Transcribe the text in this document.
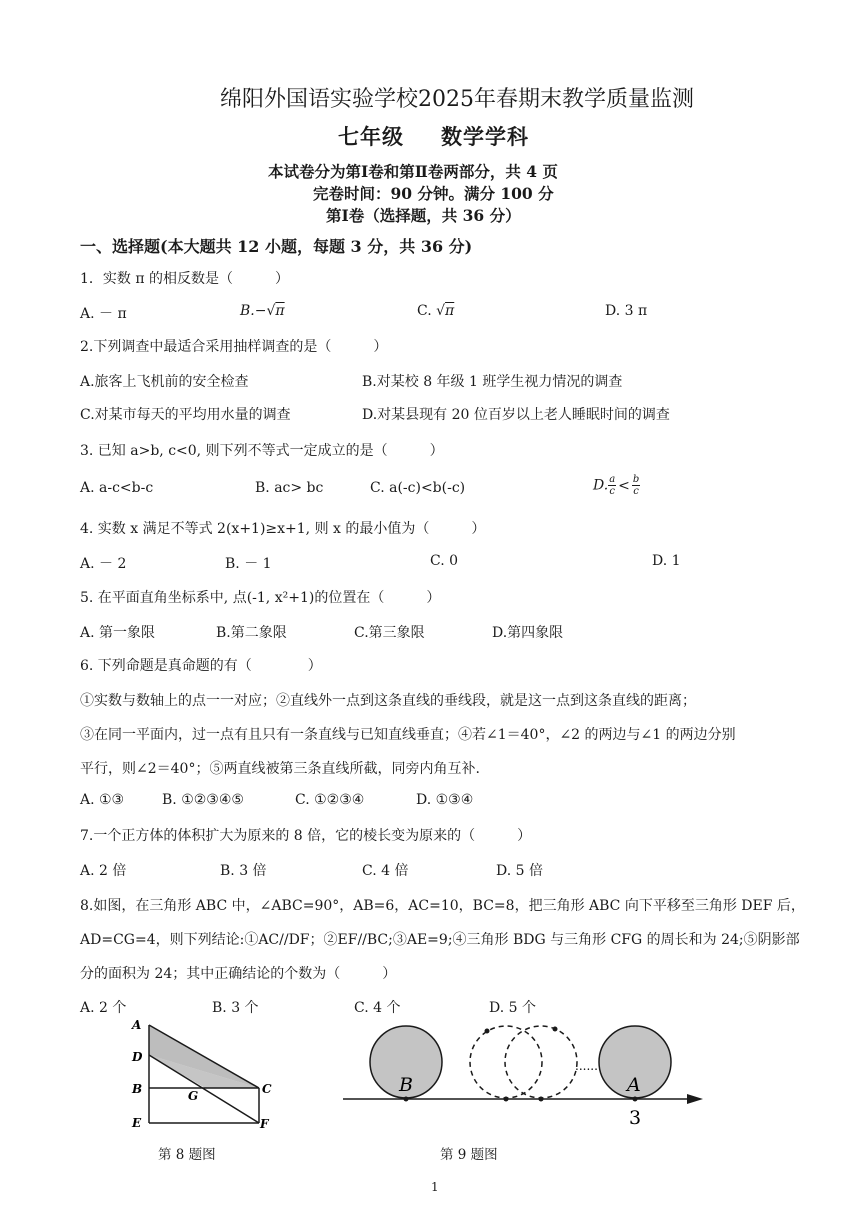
绵阳外国语实验学校2025年春期末教学质量监测
七年级 数学学科
本试卷分为第Ⅰ卷和第Ⅱ卷两部分，共 4 页
完卷时间：90 分钟。满分 100 分
第Ⅰ卷（选择题，共 36 分）
一、选择题(本大题共 12 小题，每题 3 分，共 36 分)
1．实数 π 的相反数是（　　　）
A. － π	B.−√π	C. √π	D. 3 π
2.下列调查中最适合采用抽样调查的是（　　　）
A.旅客上飞机前的安全检查	B.对某校 8 年级 1 班学生视力情况的调查
C.对某市每天的平均用水量的调查	D.对某县现有 20 位百岁以上老人睡眠时间的调查
3. 已知 a>b, c<0, 则下列不等式一定成立的是（　　　）
A. a-c<b-c	B. ac> bc	C. a(-c)<b(-c)	D. $\frac{a}{c} < \frac{b}{c}$
4. 实数 x 满足不等式 2(x+1)≥x+1, 则 x 的最小值为（　　　）
A. － 2	B. － 1	C. 0	D. 1
5. 在平面直角坐标系中, 点(-1, x²+1)的位置在（　　　）
A. 第一象限	B.第二象限	C.第三象限	D.第四象限
6. 下列命题是真命题的有（　　　　）
①实数与数轴上的点一一对应；②直线外一点到这条直线的垂线段，就是这一点到这条直线的距离；
③在同一平面内，过一点有且只有一条直线与已知直线垂直；④若∠1＝40°，∠2 的两边与∠1 的两边分别
平行，则∠2＝40°；⑤两直线被第三条直线所截，同旁内角互补.
A. ①③	B. ①②③④⑤	C. ①②③④	D. ①③④
7.一个正方体的体积扩大为原来的 8 倍，它的棱长变为原来的（　　　）
A. 2 倍	B. 3 倍	C. 4 倍	D. 5 倍
8.如图，在三角形 ABC 中，∠ABC=90°，AB=6，AC=10，BC=8，把三角形 ABC 向下平移至三角形 DEF 后，
AD=CG=4，则下列结论:①AC//DF；②EF//BC;③AE=9;④三角形 BDG 与三角形 CFG 的周长和为 24;⑤阴影部
分的面积为 24；其中正确结论的个数为（　　　）
A. 2 个	B. 3 个	C. 4 个	D. 5 个
A
D
B
E
G	C
F
第 8 题图
......
B	A
3
第 9 题图
1
